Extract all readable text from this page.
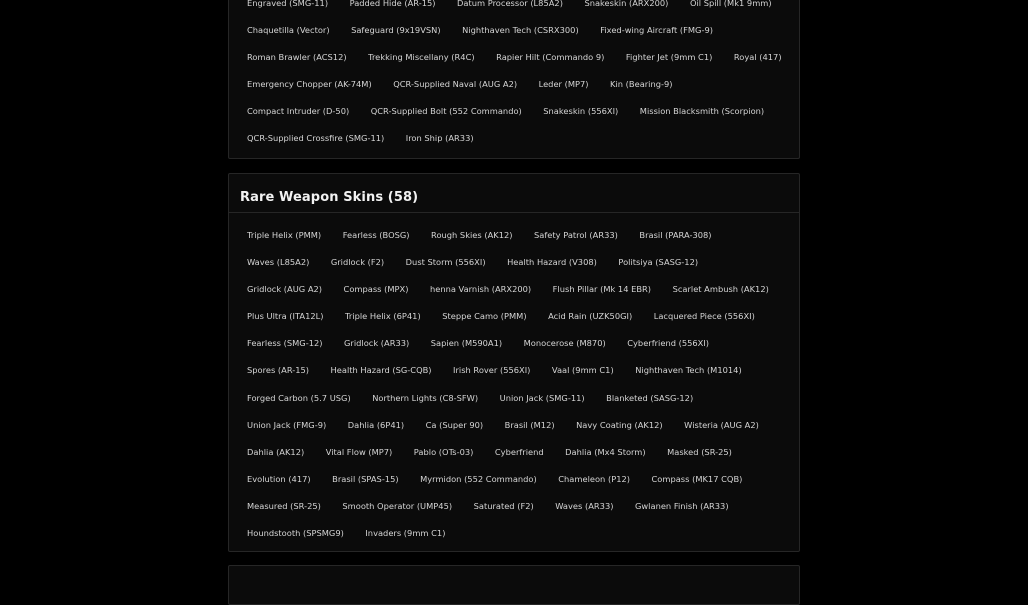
Engraved (SMG-11)	Padded Hide (AR-15)	Datum Processor (L85A2)	Snakeskin (ARX200)	Oil Spill (Mk1 9mm)
Chaquetilla (Vector)	Safeguard (9x19VSN)	Nighthaven Tech (CSRX300)	Fixed-wing Aircraft (FMG-9)
Roman Brawler (ACS12)	Trekking Miscellany (R4C)	Rapier Hilt (Commando 9)	Fighter Jet (9mm C1)	Royal (417)
Emergency Chopper (AK-74M)	QCR-Supplied Naval (AUG A2)	Leder (MP7)	Kin (Bearing-9)
Compact Intruder (D-50)	QCR-Supplied Bolt (552 Commando)	Snakeskin (556XI)	Mission Blacksmith (Scorpion)
QCR-Supplied Crossfire (SMG-11)	Iron Ship (AR33)
Rare Weapon Skins (58)
Triple Helix (PMM)	Fearless (BOSG)	Rough Skies (AK12)	Safety Patrol (AR33)	Brasil (PARA-308)
Waves (L85A2)	Gridlock (F2)	Dust Storm (556XI)	Health Hazard (V308)	Politsiya (SASG-12)
Gridlock (AUG A2)	Compass (MPX)	henna Varnish (ARX200)	Flush Pillar (Mk 14 EBR)	Scarlet Ambush (AK12)
Plus Ultra (ITA12L)	Triple Helix (6P41)	Steppe Camo (PMM)	Acid Rain (UZK50GI)	Lacquered Piece (556XI)
Fearless (SMG-12)	Gridlock (AR33)	Sapien (M590A1)	Monocerose (M870)	Cyberfriend (556XI)
Spores (AR-15)	Health Hazard (SG-CQB)	Irish Rover (556XI)	Vaal (9mm C1)	Nighthaven Tech (M1014)
Forged Carbon (5.7 USG)	Northern Lights (C8-SFW)	Union Jack (SMG-11)	Blanketed (SASG-12)
Union Jack (FMG-9)	Dahlia (6P41)	Ca (Super 90)	Brasil (M12)	Navy Coating (AK12)	Wisteria (AUG A2)
Dahlia (AK12)	Vital Flow (MP7)	Pablo (OTs-03)	Cyberfriend	Dahlia (Mx4 Storm)	Masked (SR-25)
Evolution (417)	Brasil (SPAS-15)	Myrmidon (552 Commando)	Chameleon (P12)	Compass (MK17 CQB)
Measured (SR-25)	Smooth Operator (UMP45)	Saturated (F2)	Waves (AR33)	Gwlanen Finish (AR33)
Houndstooth (SPSMG9)	Invaders (9mm C1)
